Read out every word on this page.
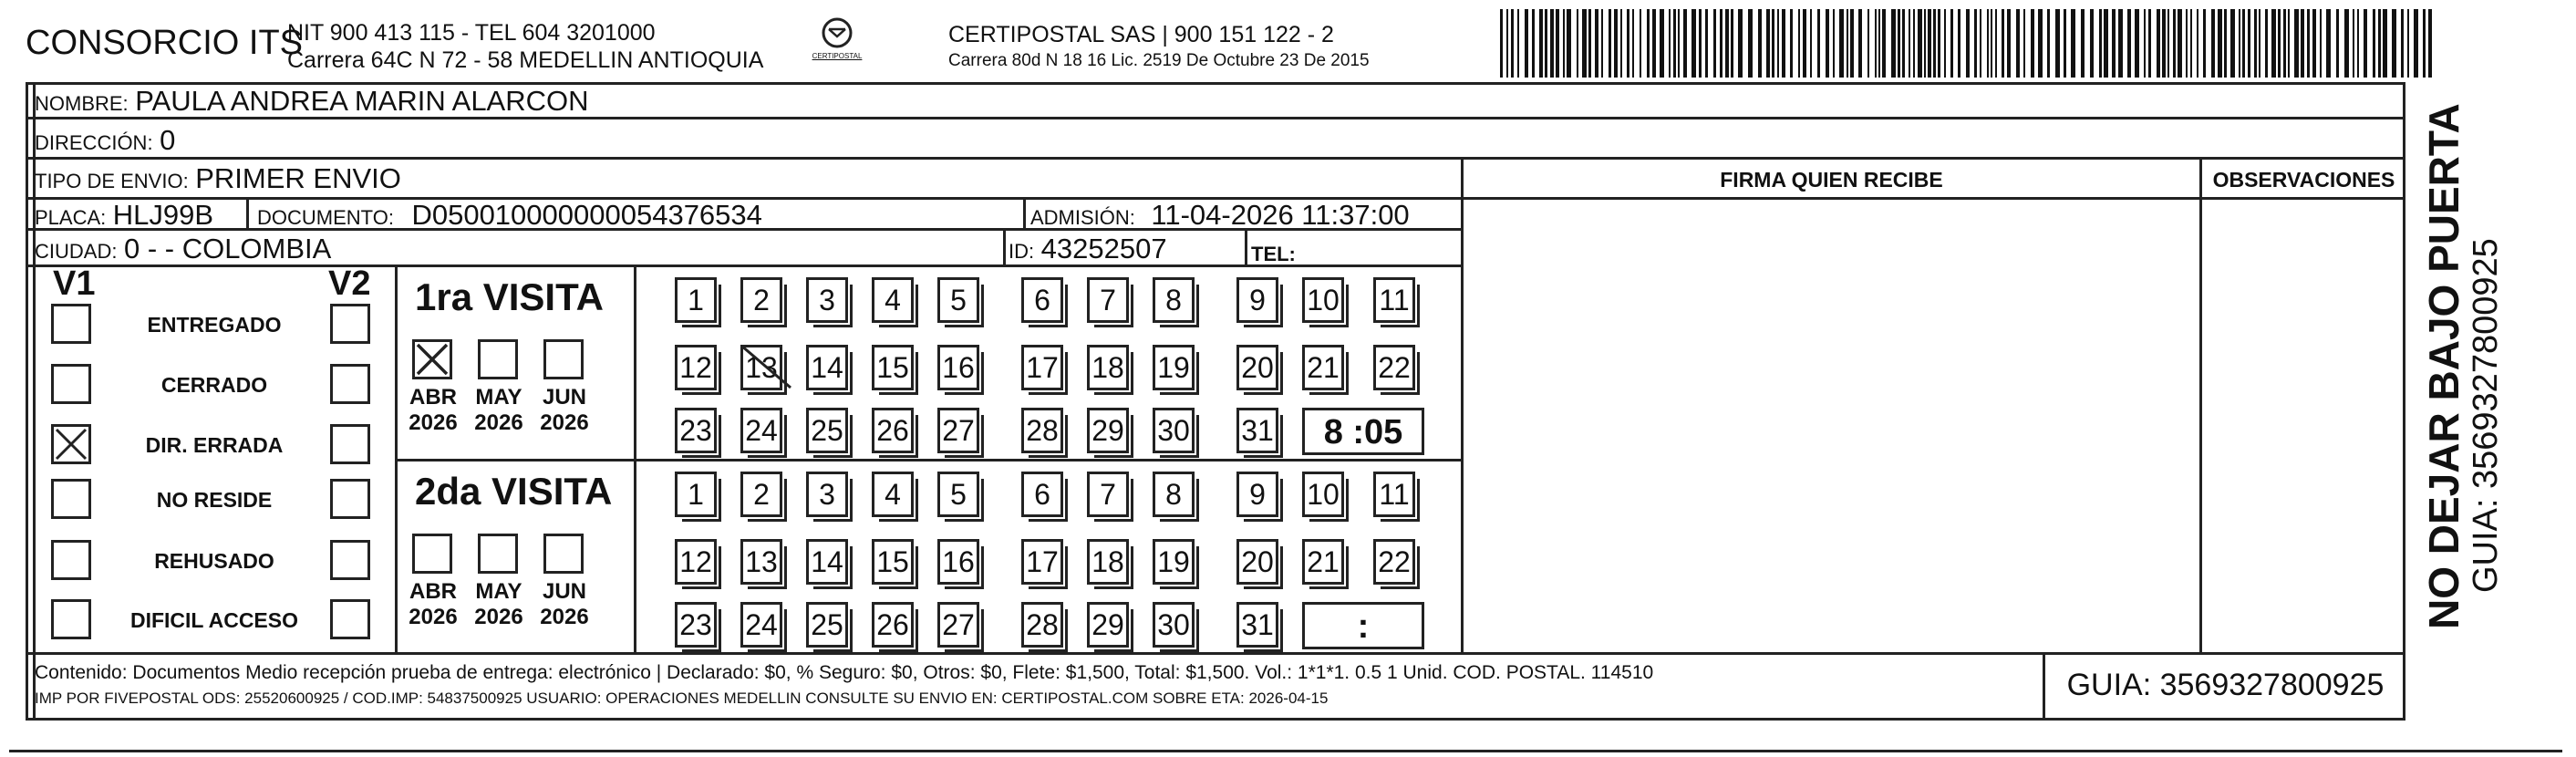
CONSORCIO ITS
NIT 900 413 115 - TEL 604 3201000
Carrera 64C N 72 - 58 MEDELLIN ANTIOQUIA	CERTIPOSTAL
CERTIPOSTAL SAS | 900 151 122 - 2
Carrera 80d N 18 16 Lic. 2519 De Octubre 23 De 2015
NOMBRE: PAULA ANDREA MARIN ALARCON
DIRECCIÓN: 0
TIPO DE ENVIO: PRIMER ENVIO	FIRMA QUIEN RECIBE	OBSERVACIONES
PLACA: HLJ99B DOCUMENTO: D050010000000054376534	ADMISIÓN: 11-04-2026 11:37:00
CIUDAD: 0 - - COLOMBIA	ID: 43252507	TEL:
V1	V2
ENTREGADO
CERRADO
DIR. ERRADA
NO RESIDE
REHUSADO
DIFICIL ACCESO
1ra VISITA
ABR
2026
MAY
2026
JUN
2026
1	2	3	4	5	6	7	8	9	10 11
12 13 14 15 16 17 18 19 20 21 22
23 24 25 26 27 28 29 30 31	8 :05
2da VISITA
ABR
2026
MAY
2026
JUN
2026
1	2	3	4	5	6	7	8	9	10 11
12 13 14 15 16 17 18 19 20 21 22
23 24 25 26 27 28 29 30 31	:
Contenido: Documentos Medio recepción prueba de entrega: electrónico | Declarado: $0, % Seguro: $0, Otros: $0, Flete: $1,500, Total: $1,500. Vol.: 1*1*1. 0.5 1 Unid. COD. POSTAL. 114510
IMP POR FIVEPOSTAL ODS: 25520600925 / COD.IMP: 54837500925 USUARIO: OPERACIONES MEDELLIN CONSULTE SU ENVIO EN: CERTIPOSTAL.COM SOBRE ETA: 2026-04-15	GUIA: 3569327800925
NO DEJAR BAJO PUERTA GUIA: 3569327800925
